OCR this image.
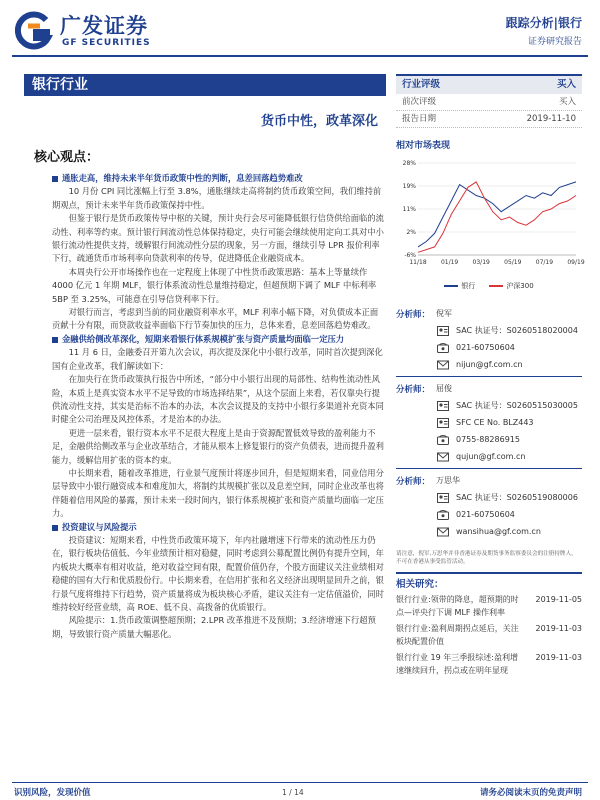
广发证券
GF SECURITIES
跟踪分析|银行
证券研究报告
银行行业
货币中性，政革深化
核心观点：

通胀走高，维持未来半年货币政策中性的判断，息差回落趋势难改

10 月份 CPI 同比涨幅上行至 3.8%，通胀继续走高将制约货币政策空间，我们维持前期观点，预计未来半年货币政策保持中性。

但鉴于银行是货币政策传导中枢的关键，预计央行会尽可能降低银行信贷供给面临的流动性、利率等约束。预计银行间流动性总体保持稳定，央行可能会继续使用定向工具对中小银行流动性提供支持，缓解银行间流动性分层的现象，另一方面，继续引导 LPR 报价利率下行，疏通货币市场利率向贷款利率的传导，促进降低企业融资成本。

本周央行公开市场操作也在一定程度上体现了中性货币政策思路：基本上等量续作 4000 亿元 1 年期 MLF，银行体系流动性总量维持稳定，但超预期下调了 MLF 中标利率 5BP 至 3.25%，可能意在引导信贷利率下行。

对银行而言，考虑到当前的同业融资利率水平，MLF 利率小幅下降，对负债成本正面贡献十分有限，而贷款收益率面临下行节奏加快的压力，总体来看，息差回落趋势难改。

金融供给侧改革深化，短期来看银行体系规模扩张与资产质量均面临一定压力

11 月 6 日，金融委召开第九次会议，再次提及深化中小银行改革，同时首次提到深化国有企业改革，我们解读如下：

在加央行在货币政策执行报告中所述，“部分中小银行出现的局部性、结构性流动性风险，本质上是真实资本水平不足导致的市场选择结果”，从这个层面上来看，若仅靠央行提供流动性支持，其实是治标不治本的办法，本次会议提及的支持中小银行多渠道补充资本同时健全公司治理及风控体系，才是治本的办法。

更进一层来看，银行资本水平不足很大程度上是由于资源配置低效导致的盈利能力不足，金融供给侧改革与企业改革结合，才能从根本上修复银行的资产负债表，进而提升盈利能力，缓解信用扩张的资本约束。

中长期来看，随着改革推进，行业景气度预计将逐步回升，但是短期来看，同业信用分层导致中小银行融资成本和难度加大，将制约其规模扩张以及息差空间，同时企业改革也将伴随着信用风险的暴露，预计未来一段时间内，银行体系规模扩张和资产质量均面临一定压力。

投资建议与风险提示

投资建议：短期来看，中性货币政策环境下，年内社融增速下行带来的流动性压力仍在，银行板块估值低、今年业绩预计相对稳健，同时考虑到公募配置比例仍有提升空间，年内板块大概率有相对收益，绝对收益空间有限，配置价值仍存，个股方面建议关注业绩相对稳健的国有大行和优质股份行。中长期来看，在信用扩张和名义经济出现明显回升之前，银行景气度将维持下行趋势，资产质量将成为板块核心矛盾，建议关注有一定估值溢价，同时维持较好经营业绩，高 ROE、低不良、高拨备的优质银行。

风险提示：1.货币政策调整超预期；2.LPR 改革推进不及预期；3.经济增速下行超预期，导致银行资产质量大幅恶化。

行业评级	买入
前次评级	买入
报告日期	2019-11-10
相对市场表现
-6%
2%
11%
19%
28%
11/18 01/19 03/19 05/19 07/19 09/19
银行	沪深300
分析师： 倪军
SAC 执证号：S0260518020004
021-60750604
nijun@gf.com.cn
分析师： 屈俊
SAC 执证号：S0260515030005
SFC CE No. BLZ443
0755-88286915
qujun@gf.com.cn
分析师： 万思华
SAC 执证号：S0260519080006
021-60750604
wansihua@gf.com.cn
请注意，倪军,万思华并非香港证券及期货事务监察委员会的注册持牌人，不可在香港从事受监管活动。
相关研究：
银行行业:领带的降息，超预期的时点—评央行下调 MLF 操作利率
2019-11-05
银行行业:盈利周期拐点延后，关注板块配置价值
2019-11-03
银行行业 19 年三季报综述:盈利增速继续回升，拐点或在明年显现
2019-11-03
识别风险，发现价值	1 / 14	请务必阅读末页的免责声明
